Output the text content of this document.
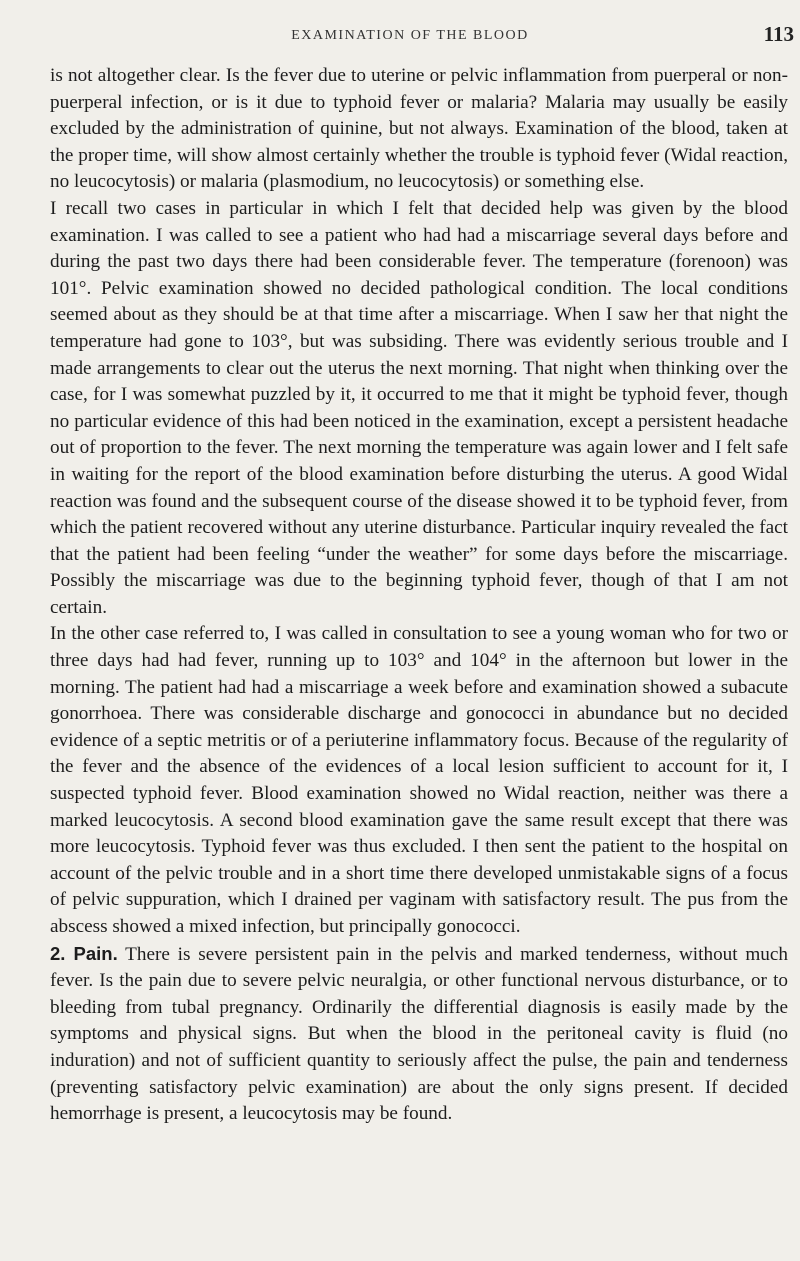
EXAMINATION OF THE BLOOD	113

is not altogether clear. Is the fever due to uterine or pelvic inflammation from puerperal or non-puerperal infection, or is it due to typhoid fever or malaria? Malaria may usually be easily excluded by the administration of quinine, but not always. Examination of the blood, taken at the proper time, will show almost certainly whether the trouble is typhoid fever (Widal reaction, no leucocytosis) or malaria (plasmodium, no leucocytosis) or something else.

I recall two cases in particular in which I felt that decided help was given by the blood examination. I was called to see a patient who had had a miscarriage several days before and during the past two days there had been considerable fever. The temperature (forenoon) was 101°. Pelvic examination showed no decided pathological condition. The local conditions seemed about as they should be at that time after a miscarriage. When I saw her that night the temperature had gone to 103°, but was subsiding. There was evidently serious trouble and I made arrangements to clear out the uterus the next morning. That night when thinking over the case, for I was somewhat puzzled by it, it occurred to me that it might be typhoid fever, though no particular evidence of this had been noticed in the examination, except a persistent headache out of proportion to the fever. The next morning the temperature was again lower and I felt safe in waiting for the report of the blood examination before disturbing the uterus. A good Widal reaction was found and the subsequent course of the disease showed it to be typhoid fever, from which the patient recovered without any uterine disturbance. Particular inquiry revealed the fact that the patient had been feeling “under the weather” for some days before the miscarriage. Possibly the miscarriage was due to the beginning typhoid fever, though of that I am not certain.

In the other case referred to, I was called in consultation to see a young woman who for two or three days had had fever, running up to 103° and 104° in the afternoon but lower in the morning. The patient had had a miscarriage a week before and examination showed a subacute gonorrhoea. There was considerable discharge and gonococci in abundance but no decided evidence of a septic metritis or of a periuterine inflammatory focus. Because of the regularity of the fever and the absence of the evidences of a local lesion sufficient to account for it, I suspected typhoid fever. Blood examination showed no Widal reaction, neither was there a marked leucocytosis. A second blood examination gave the same result except that there was more leucocytosis. Typhoid fever was thus excluded. I then sent the patient to the hospital on account of the pelvic trouble and in a short time there developed unmistakable signs of a focus of pelvic suppuration, which I drained per vaginam with satisfactory result. The pus from the abscess showed a mixed infection, but principally gonococci.

2. Pain. There is severe persistent pain in the pelvis and marked tenderness, without much fever. Is the pain due to severe pelvic neuralgia, or other functional nervous disturbance, or to bleeding from tubal pregnancy. Ordinarily the differential diagnosis is easily made by the symptoms and physical signs. But when the blood in the peritoneal cavity is fluid (no induration) and not of sufficient quantity to seriously affect the pulse, the pain and tenderness (preventing satisfactory pelvic examination) are about the only signs present. If decided hemorrhage is present, a leucocytosis may be found.
